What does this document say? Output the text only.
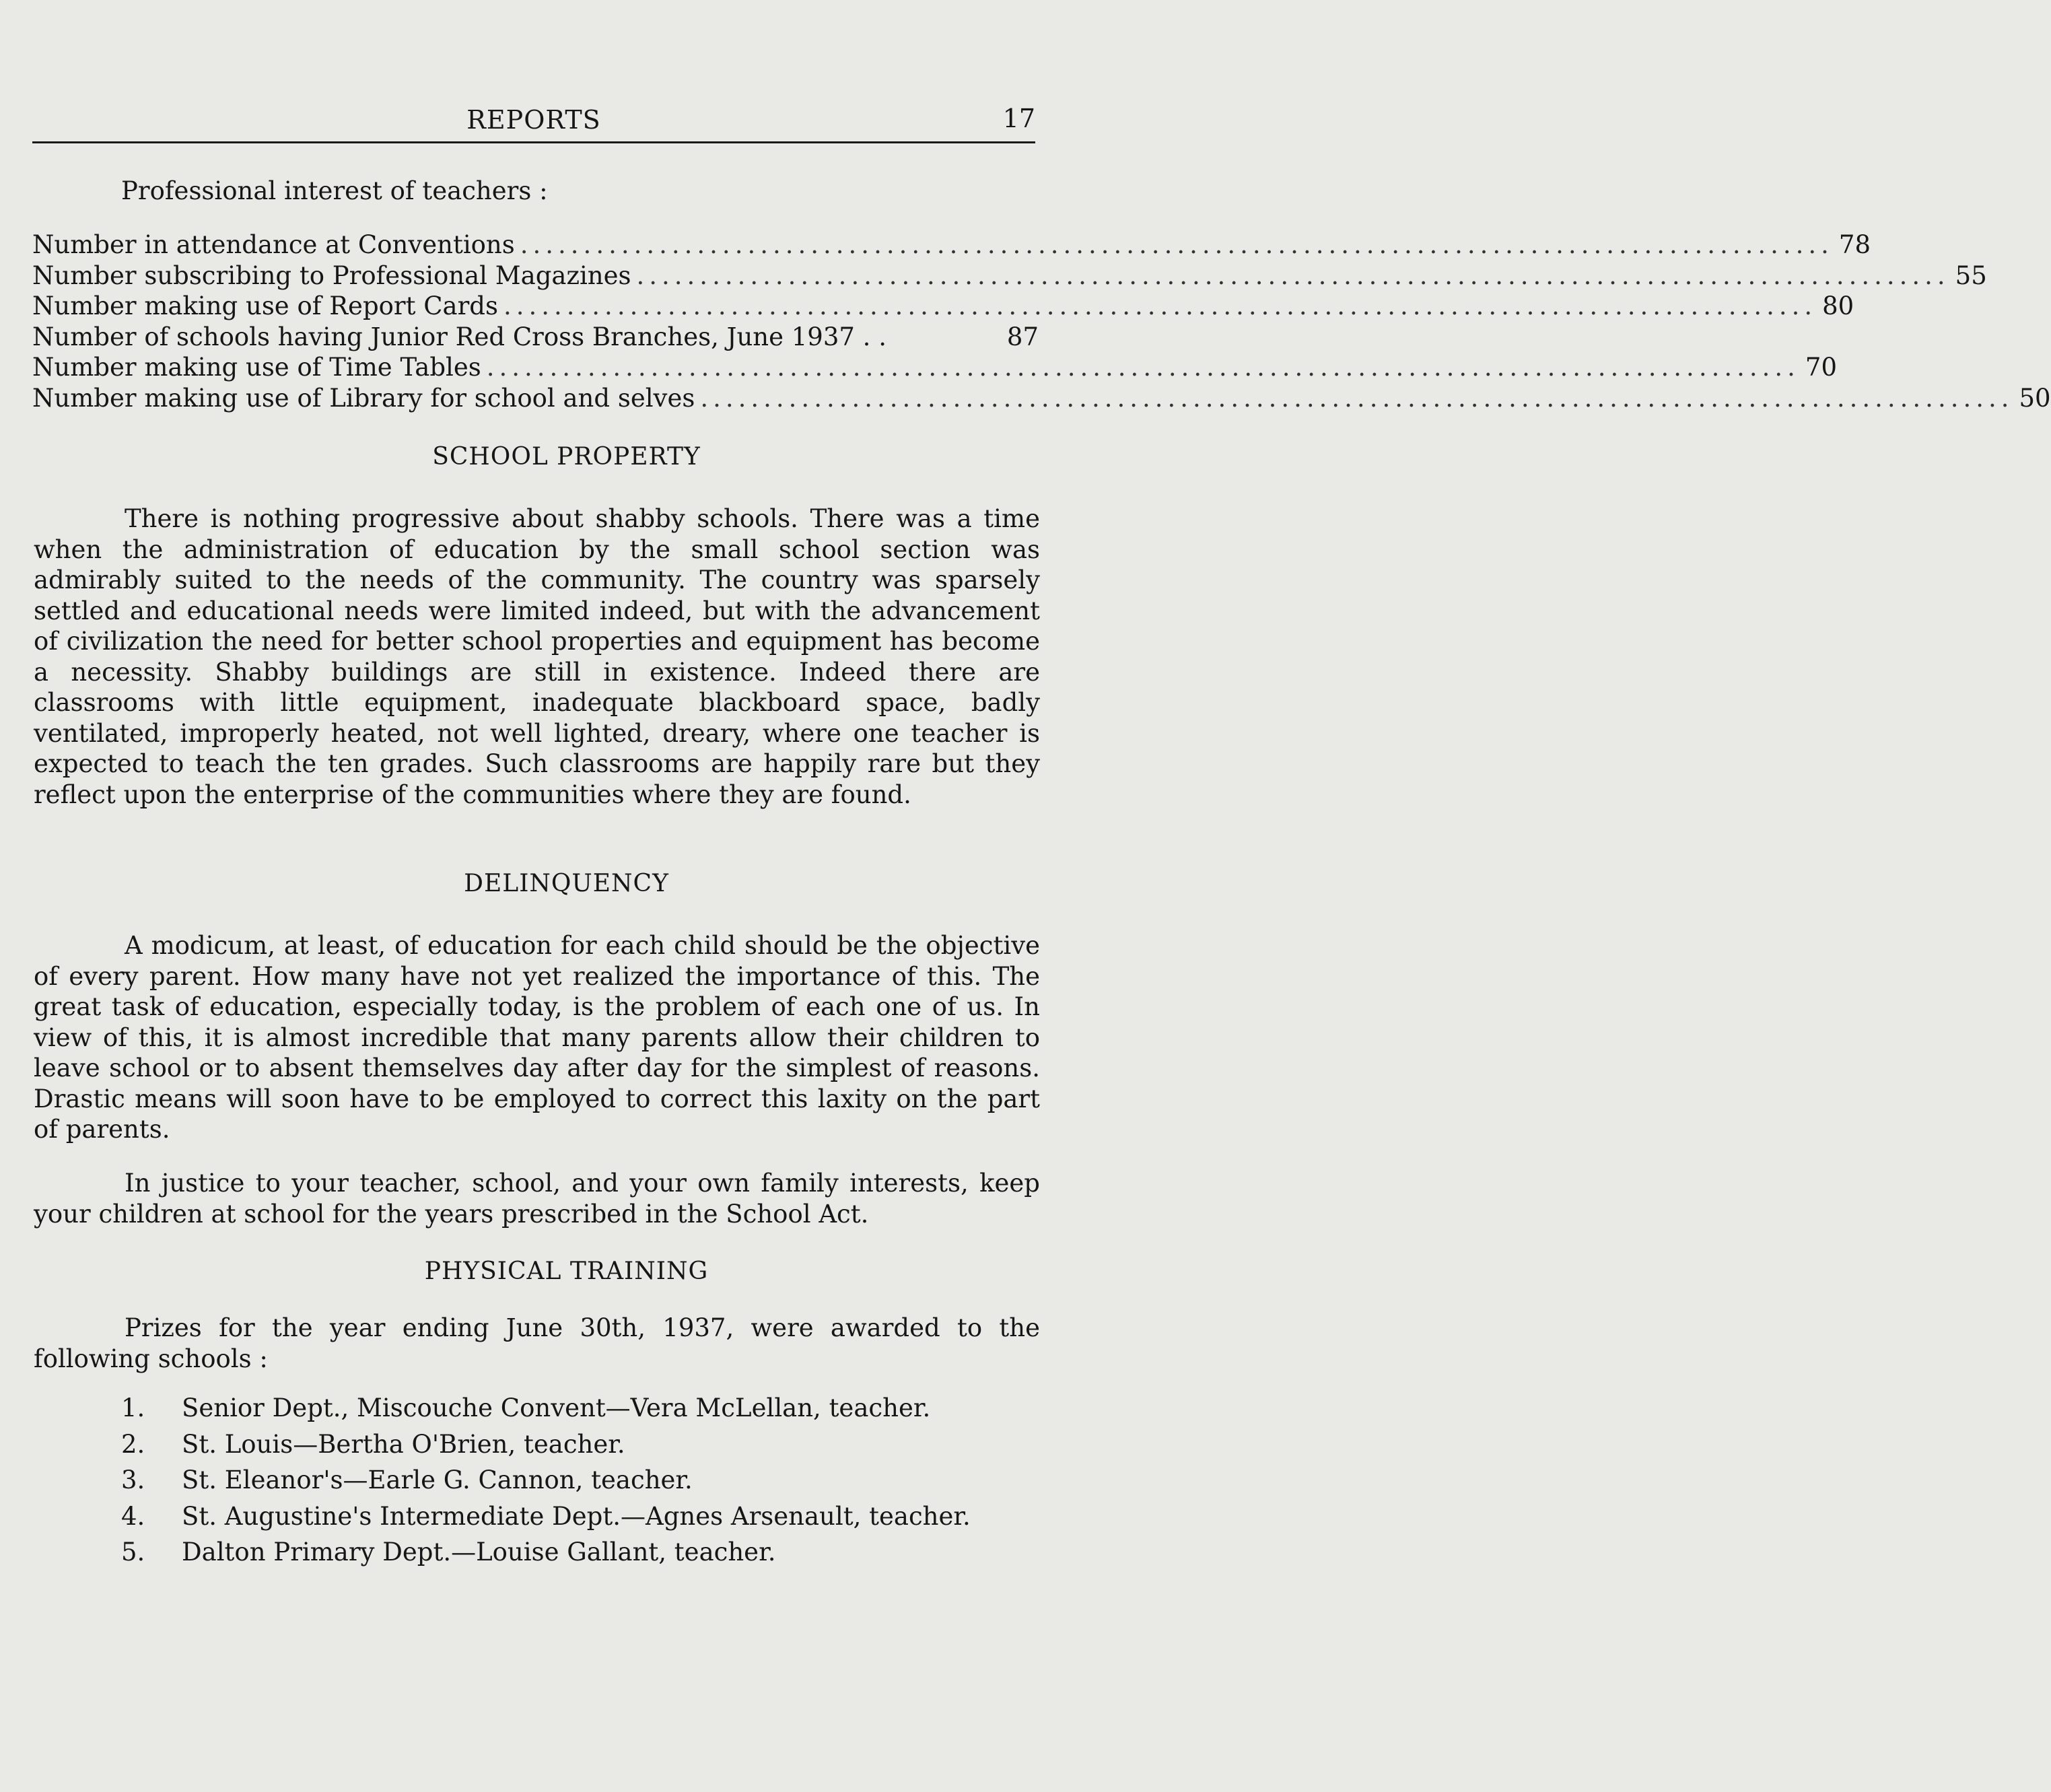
REPORTS	17
Professional interest of teachers :
Number in attendance at Conventions ........................................................................................................ 78
Number subscribing to Professional Magazines ........................................................................................................ 55
Number making use of Report Cards ........................................................................................................ 80
Number of schools having Junior Red Cross Branches, June 1937 . .	87
Number making use of Time Tables ........................................................................................................ 70
Number making use of Library for school and selves ........................................................................................................ 50
SCHOOL PROPERTY

There is nothing progressive about shabby schools. There was a time when the administration of education by the small school section was admirably suited to the needs of the community. The country was sparsely settled and educational needs were limited indeed, but with the advancement of civilization the need for better school properties and equipment has become a necessity. Shabby buildings are still in existence. Indeed there are classrooms with little equipment, inadequate blackboard space, badly ventilated, improperly heated, not well lighted, dreary, where one teacher is expected to teach the ten grades. Such classrooms are happily rare but they reflect upon the enterprise of the communities where they are found.

DELINQUENCY

A modicum, at least, of education for each child should be the objective of every parent. How many have not yet realized the importance of this. The great task of education, especially today, is the problem of each one of us. In view of this, it is almost incredible that many parents allow their children to leave school or to absent themselves day after day for the simplest of reasons. Drastic means will soon have to be employed to correct this laxity on the part of parents.

In justice to your teacher, school, and your own family interests, keep your children at school for the years prescribed in the School Act.

PHYSICAL TRAINING

Prizes for the year ending June 30th, 1937, were awarded to the following schools :

1.	Senior Dept., Miscouche Convent—Vera McLellan, teacher.
2.	St. Louis—Bertha O'Brien, teacher.
3.	St. Eleanor's—Earle G. Cannon, teacher.
4.	St. Augustine's Intermediate Dept.—Agnes Arsenault, teacher.
5.	Dalton Primary Dept.—Louise Gallant, teacher.
